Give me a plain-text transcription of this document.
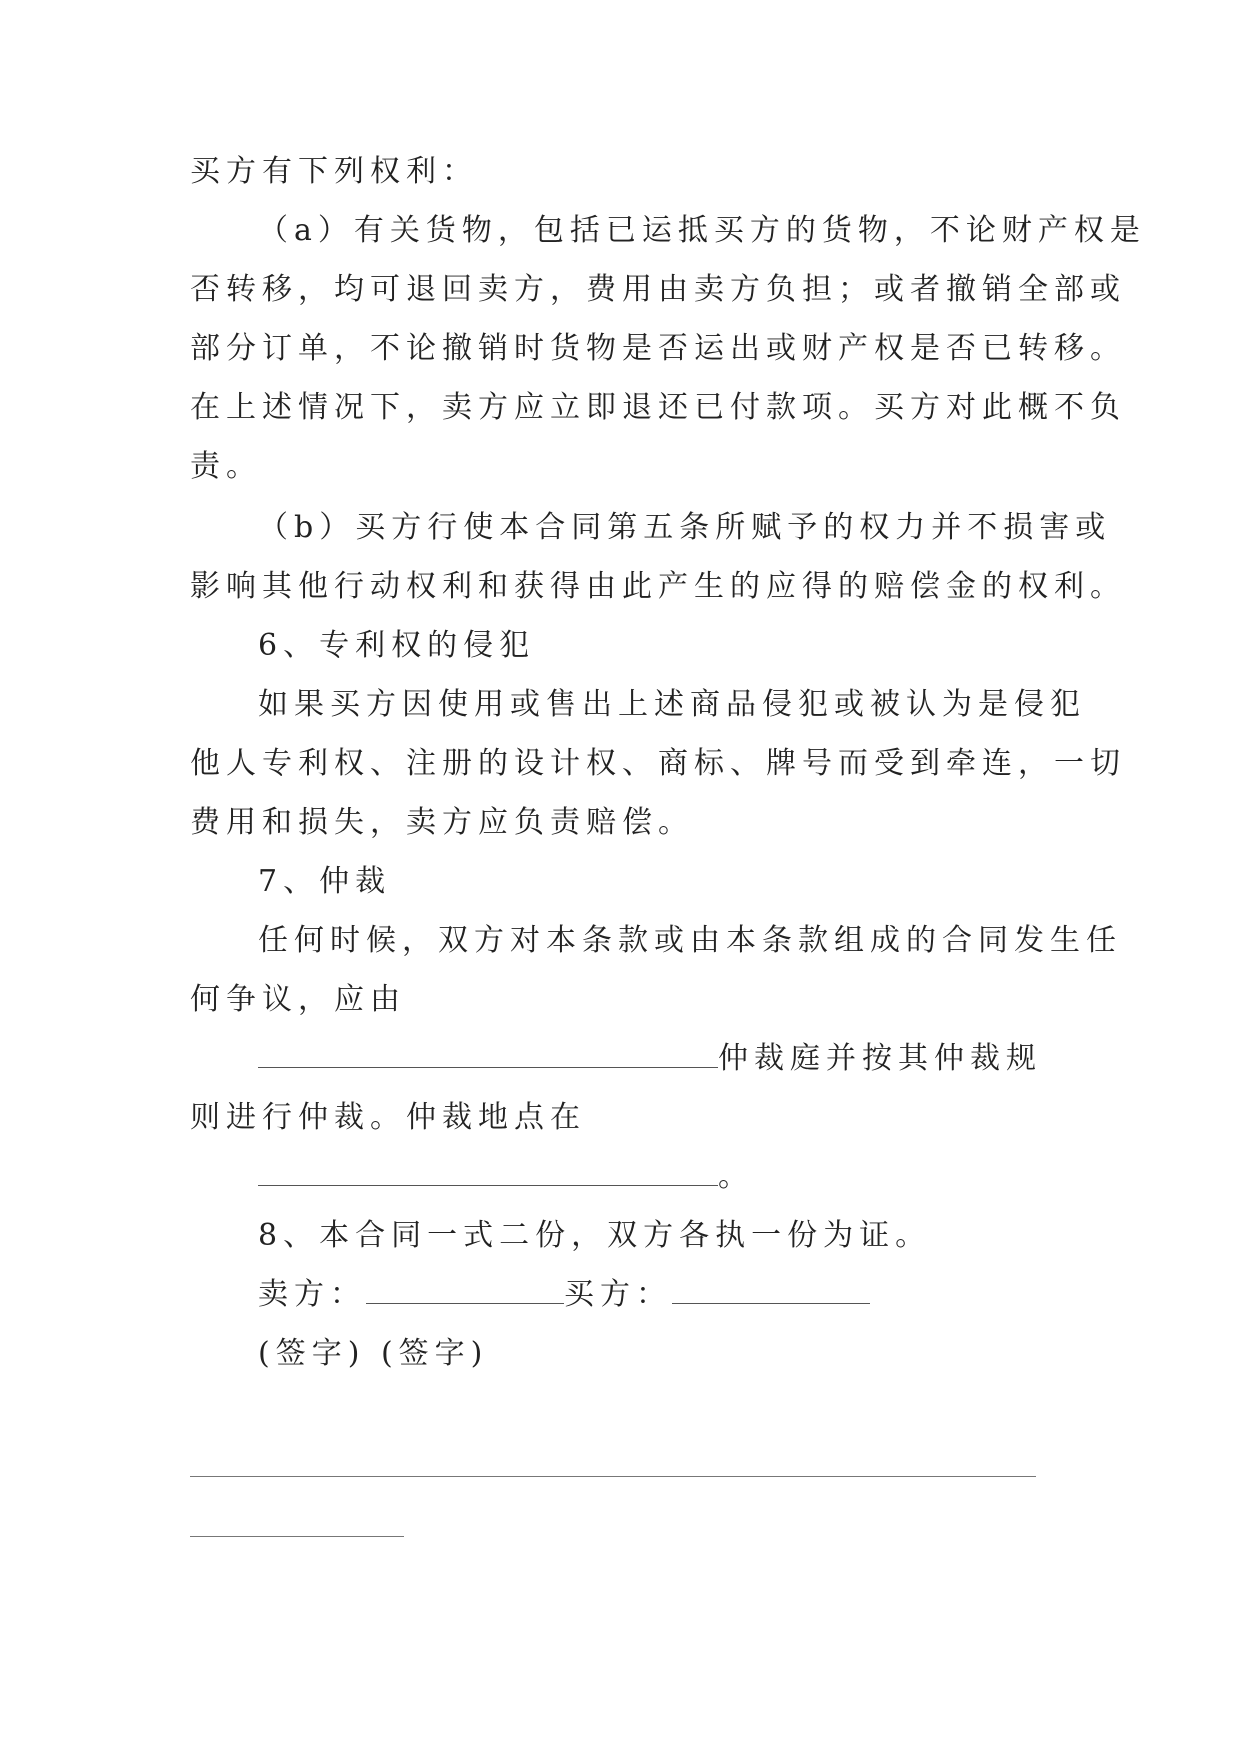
买方有下列权利：
（a）有关货物，包括已运抵买方的货物，不论财产权是
否转移，均可退回卖方，费用由卖方负担；或者撤销全部或
部分订单，不论撤销时货物是否运出或财产权是否已转移。
在上述情况下，卖方应立即退还已付款项。买方对此概不负
责。
（b）买方行使本合同第五条所赋予的权力并不损害或
影响其他行动权利和获得由此产生的应得的赔偿金的权利。
6、专利权的侵犯
如果买方因使用或售出上述商品侵犯或被认为是侵犯
他人专利权、注册的设计权、商标、牌号而受到牵连，一切
费用和损失，卖方应负责赔偿。
7、仲裁
任何时候，双方对本条款或由本条款组成的合同发生任
何争议，应由
仲裁庭并按其仲裁规
则进行仲裁。仲裁地点在
。
8、本合同一式二份，双方各执一份为证。
卖方：	买方：
(签字) (签字)
